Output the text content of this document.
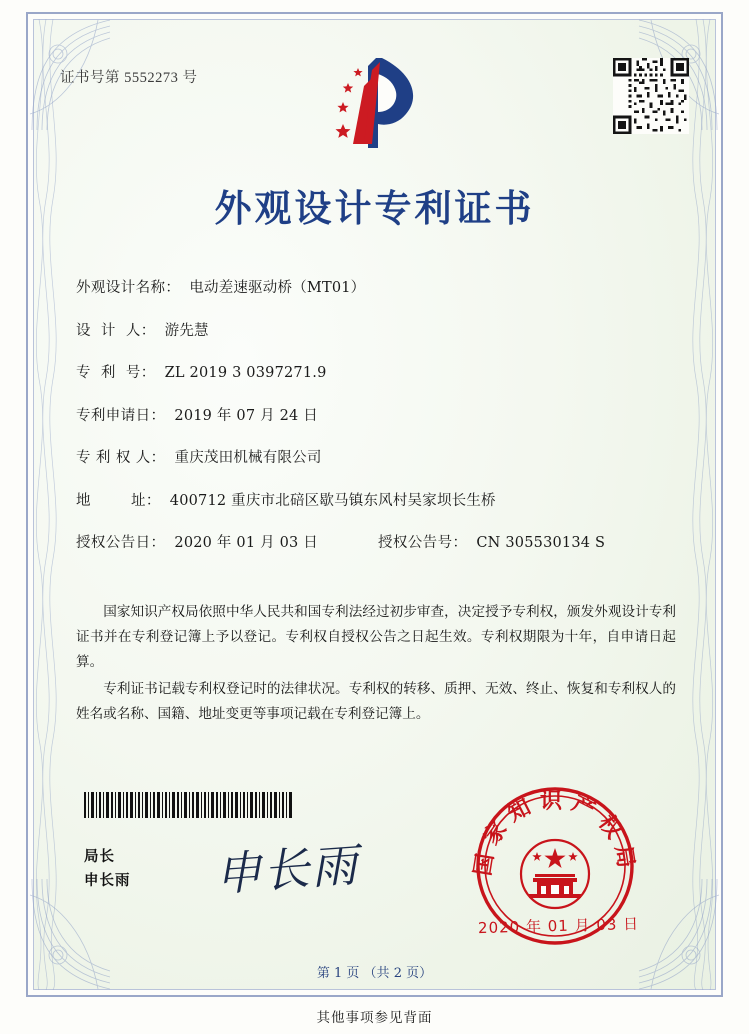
证书号第 5552273 号
外观设计专利证书
外观设计名称： 电动差速驱动桥（MT01）
设  计  人： 游先慧
专  利  号： ZL 2019 3 0397271.9
专利申请日： 2019 年 07 月 24 日
专 利 权 人： 重庆茂田机械有限公司
地        址： 400712 重庆市北碚区歇马镇东风村吴家坝长生桥
授权公告日： 2020 年 01 月 03 日	授权公告号： CN 305530134 S

国家知识产权局依照中华人民共和国专利法经过初步审查，决定授予专利权，颁发外观设计专利证书并在专利登记簿上予以登记。专利权自授权公告之日起生效。专利权期限为十年，自申请日起算。

专利证书记载专利权登记时的法律状况。专利权的转移、质押、无效、终止、恢复和专利权人的姓名或名称、国籍、地址变更等事项记载在专利登记簿上。

局长
申长雨 申长雨	国家知识产权局
2020 年 01 月 03 日
第 1 页 （共 2 页）
其他事项参见背面
